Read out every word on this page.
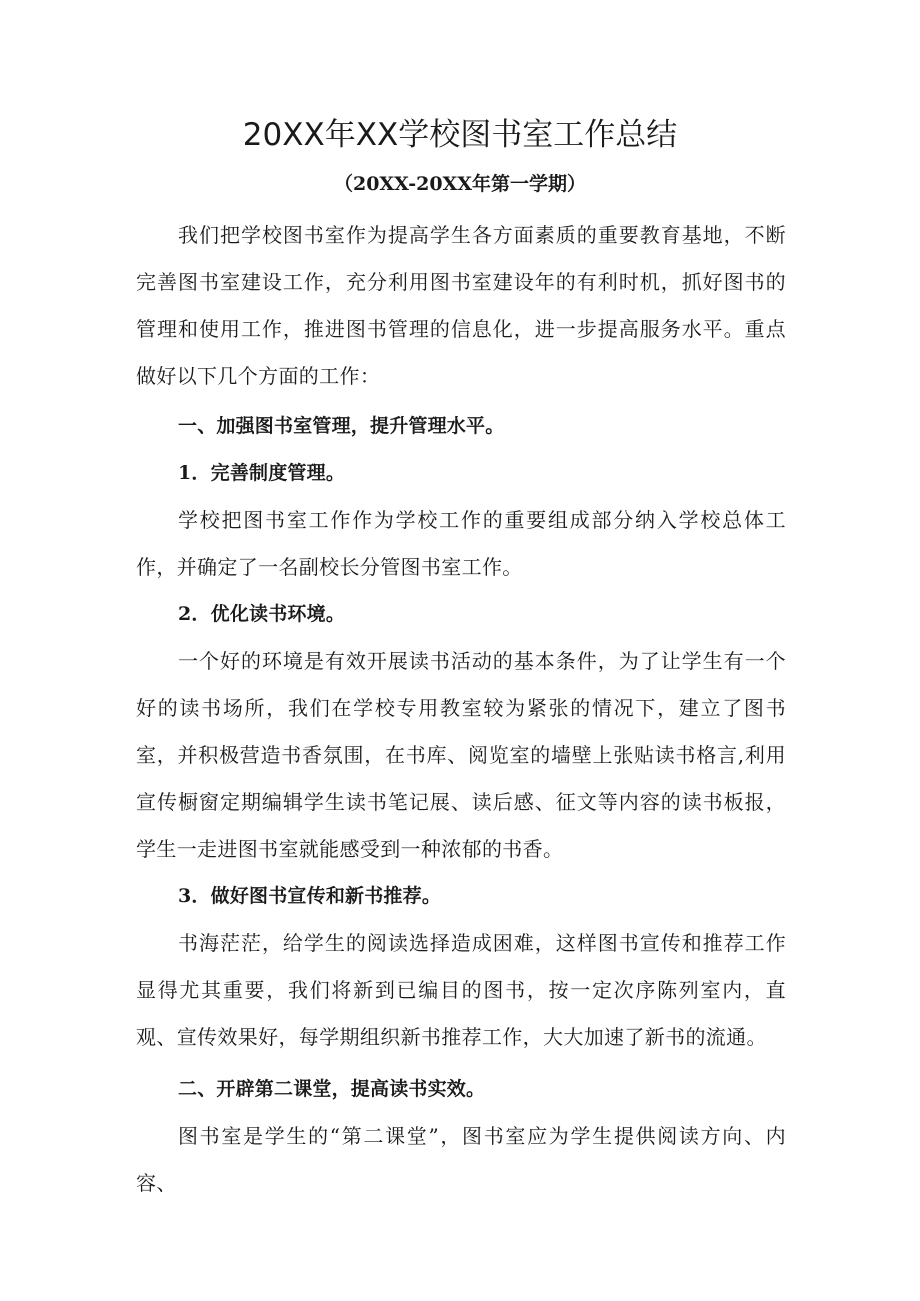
20XX年XX学校图书室工作总结
（20XX-20XX年第一学期）

我们把学校图书室作为提高学生各方面素质的重要教育基地，不断完善图书室建设工作，充分利用图书室建设年的有利时机，抓好图书的管理和使用工作，推进图书管理的信息化，进一步提高服务水平。重点做好以下几个方面的工作：

一、加强图书室管理，提升管理水平。

1．完善制度管理。

学校把图书室工作作为学校工作的重要组成部分纳入学校总体工作，并确定了一名副校长分管图书室工作。

2．优化读书环境。

一个好的环境是有效开展读书活动的基本条件，为了让学生有一个好的读书场所，我们在学校专用教室较为紧张的情况下，建立了图书室，并积极营造书香氛围，在书库、阅览室的墙壁上张贴读书格言,利用宣传橱窗定期编辑学生读书笔记展、读后感、征文等内容的读书板报，学生一走进图书室就能感受到一种浓郁的书香。

3．做好图书宣传和新书推荐。

书海茫茫，给学生的阅读选择造成困难，这样图书宣传和推荐工作显得尤其重要，我们将新到已编目的图书，按一定次序陈列室内，直观、宣传效果好，每学期组织新书推荐工作，大大加速了新书的流通。

二、开辟第二课堂，提高读书实效。

图书室是学生的“第二课堂”，图书室应为学生提供阅读方向、内容、
